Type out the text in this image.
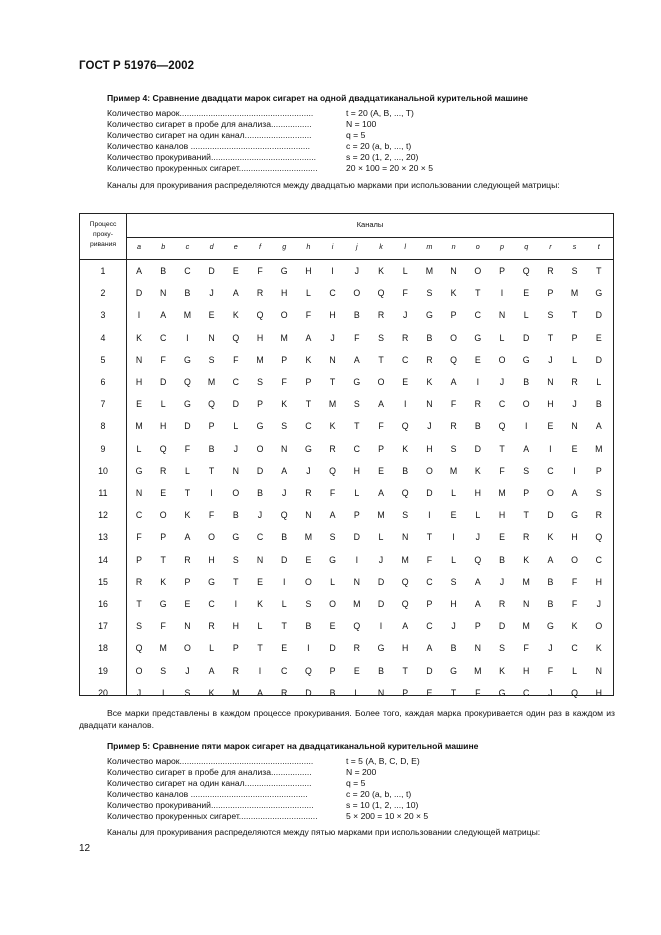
ГОСТ Р 51976—2002
Пример 4: Сравнение двадцати марок сигарет на одной двадцатиканальной курительной машине
Количество марок........................................................	t = 20 (A, B, ..., T)
Количество сигарет в пробе для анализа.................	N = 100
Количество сигарет на один канал............................	q = 5
Количество каналов ..................................................	c = 20 (a, b, ..., t)
Количество прокуриваний............................................	s = 20 (1, 2, ..., 20)
Количество прокуренных сигарет.................................	20 × 100 = 20 × 20 × 5
Каналы для прокуривания распределяются между двадцатью марками при использовании следующей матрицы:
Процесс
проку-
ривания
Каналы
a	b	c	d	e	f	g	h	i	j	k	l	m	n	o	p	q	r	s	t
1	A	B	C	D	E	F	G	H	I	J	K	L	M	N	O	P	Q	R	S	T
2	D	N	B	J	A	R	H	L	C	O	Q	F	S	K	T	I	E	P	M	G
3	I	A	M	E	K	Q	O	F	H	B	R	J	G	P	C	N	L	S	T	D
4	K	C	I	N	Q	H	M	A	J	F	S	R	B	O	G	L	D	T	P	E
5	N	F	G	S	F	M	P	K	N	A	T	C	R	Q	E	O	G	J	L	D
6	H	D	Q	M	C	S	F	P	T	G	O	E	K	A	I	J	B	N	R	L
7	E	L	G	Q	D	P	K	T	M	S	A	I	N	F	R	C	O	H	J	B
8	M	H	D	P	L	G	S	C	K	T	F	Q	J	R	B	Q	I	E	N	A
9	L	Q	F	B	J	O	N	G	R	C	P	K	H	S	D	T	A	I	E	M
10	G	R	L	T	N	D	A	J	Q	H	E	B	O	M	K	F	S	C	I	P
11	N	E	T	I	O	B	J	R	F	L	A	Q	D	L	H	M	P	O	A	S
12	C	O	K	F	B	J	Q	N	A	P	M	S	I	E	L	H	T	D	G	R
13	F	P	A	O	G	C	B	M	S	D	L	N	T	I	J	E	R	K	H	Q
14	P	T	R	H	S	N	D	E	G	I	J	M	F	L	Q	B	K	A	O	C
15	R	K	P	G	T	E	I	O	L	N	D	Q	C	S	A	J	M	B	F	H
16	T	G	E	C	I	K	L	S	O	M	D	Q	P	H	A	R	N	B	F	J
17	S	F	N	R	H	L	T	B	E	Q	I	A	C	J	P	D	M	G	K	O
18	Q	M	O	L	P	T	E	I	D	R	G	H	A	B	N	S	F	J	C	K
19	O	S	J	A	R	I	C	Q	P	E	B	T	D	G	M	K	H	F	L	N
20	J	I	S	K	M	A	R	D	B	L	N	P	E	T	F	G	C	J	Q	H
Все марки представлены в каждом процессе прокуривания. Более того, каждая марка прокуривается один раз в каждом из двадцати каналов.
Пример 5: Сравнение пяти марок сигарет на двадцатиканальной курительной машине
Количество марок........................................................	t = 5 (A, B, C, D, E)
Количество сигарет в пробе для анализа.................	N = 200
Количество сигарет на один канал............................	q = 5
Количество каналов .................................................	c = 20 (a, b, ..., t)
Количество прокуриваний...........................................	s = 10 (1, 2, ..., 10)
Количество прокуренных сигарет.................................	5 × 200 = 10 × 20 × 5
Каналы для прокуривания распределяются между пятью марками при использовании следующей матрицы:
12
